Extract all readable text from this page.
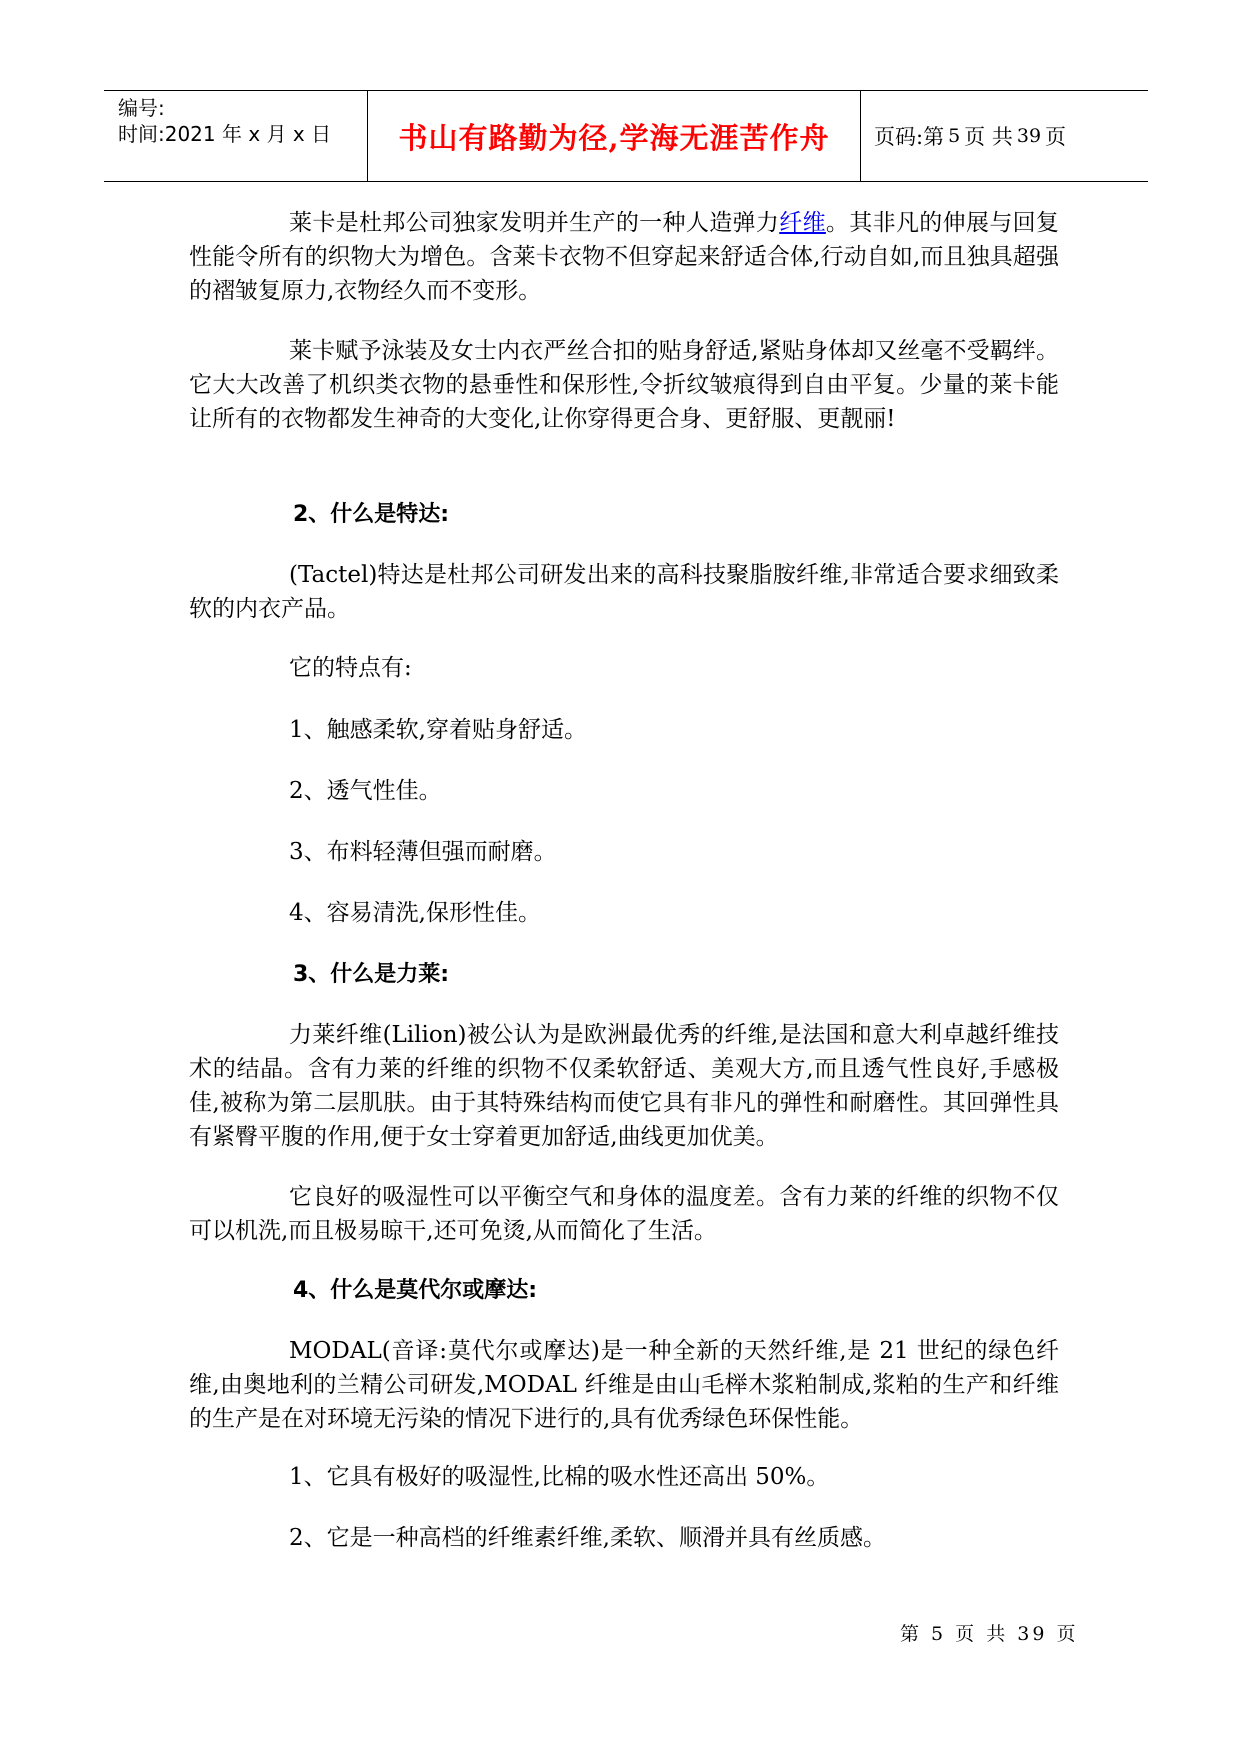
编号:
时间:2021 年 x 月 x 日	书山有路勤为径,学海无涯苦作舟	页码:第 5 页 共 39 页

莱卡是杜邦公司独家发明并生产的一种人造弹力纤维。其非凡的伸展与回复性能令所有的织物大为增色。含莱卡衣物不但穿起来舒适合体,行动自如,而且独具超强的褶皱复原力,衣物经久而不变形。

莱卡赋予泳装及女士内衣严丝合扣的贴身舒适,紧贴身体却又丝毫不受羁绊。它大大改善了机织类衣物的悬垂性和保形性,令折纹皱痕得到自由平复。少量的莱卡能让所有的衣物都发生神奇的大变化,让你穿得更合身、更舒服、更靓丽!

2、什么是特达:

(Tactel)特达是杜邦公司研发出来的高科技聚脂胺纤维,非常适合要求细致柔软的内衣产品。

它的特点有:

1、触感柔软,穿着贴身舒适。

2、透气性佳。

3、布料轻薄但强而耐磨。

4、容易清洗,保形性佳。

3、什么是力莱:

力莱纤维(Lilion)被公认为是欧洲最优秀的纤维,是法国和意大利卓越纤维技术的结晶。含有力莱的纤维的织物不仅柔软舒适、美观大方,而且透气性良好,手感极佳,被称为第二层肌肤。由于其特殊结构而使它具有非凡的弹性和耐磨性。其回弹性具有紧臀平腹的作用,便于女士穿着更加舒适,曲线更加优美。

它良好的吸湿性可以平衡空气和身体的温度差。含有力莱的纤维的织物不仅可以机洗,而且极易晾干,还可免烫,从而简化了生活。

4、什么是莫代尔或摩达:

MODAL(音译:莫代尔或摩达)是一种全新的天然纤维,是 21 世纪的绿色纤维,由奥地利的兰精公司研发,MODAL 纤维是由山毛榉木浆粕制成,浆粕的生产和纤维的生产是在对环境无污染的情况下进行的,具有优秀绿色环保性能。

1、它具有极好的吸湿性,比棉的吸水性还高出 50%。

2、它是一种高档的纤维素纤维,柔软、顺滑并具有丝质感。

第 5 页 共 39 页
